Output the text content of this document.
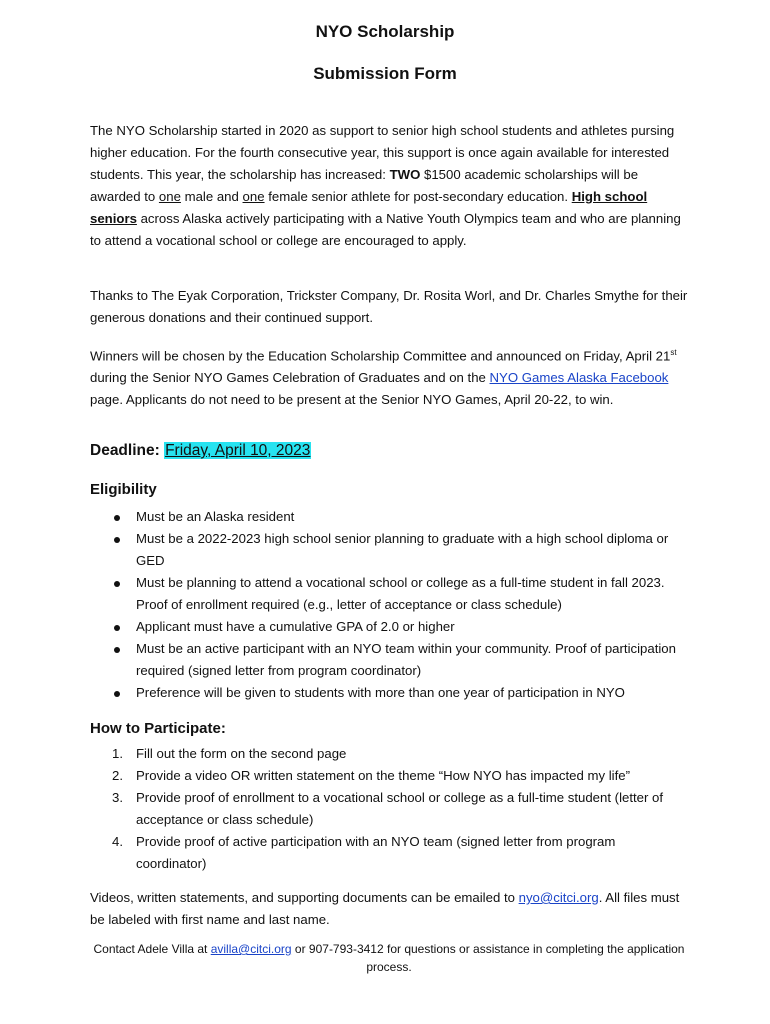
NYO Scholarship
Submission Form

The NYO Scholarship started in 2020 as support to senior high school students and athletes pursing higher education. For the fourth consecutive year, this support is once again available for interested students. This year, the scholarship has increased: TWO $1500 academic scholarships will be awarded to one male and one female senior athlete for post-secondary education. High school seniors across Alaska actively participating with a Native Youth Olympics team and who are planning to attend a vocational school or college are encouraged to apply.

Thanks to The Eyak Corporation, Trickster Company, Dr. Rosita Worl, and Dr. Charles Smythe for their generous donations and their continued support.

Winners will be chosen by the Education Scholarship Committee and announced on Friday, April 21st during the Senior NYO Games Celebration of Graduates and on the NYO Games Alaska Facebook page. Applicants do not need to be present at the Senior NYO Games, April 20-22, to win.

Deadline: Friday, April 10, 2023
Eligibility
Must be an Alaska resident
Must be a 2022-2023 high school senior planning to graduate with a high school diploma or GED
Must be planning to attend a vocational school or college as a full-time student in fall 2023. Proof of enrollment required (e.g., letter of acceptance or class schedule)
Applicant must have a cumulative GPA of 2.0 or higher
Must be an active participant with an NYO team within your community. Proof of participation required (signed letter from program coordinator)
Preference will be given to students with more than one year of participation in NYO
How to Participate:
1. Fill out the form on the second page
2. Provide a video OR written statement on the theme “How NYO has impacted my life”
3. Provide proof of enrollment to a vocational school or college as a full-time student (letter of acceptance or class schedule)
4. Provide proof of active participation with an NYO team (signed letter from program coordinator)

Videos, written statements, and supporting documents can be emailed to nyo@citci.org. All files must be labeled with first name and last name.

Contact Adele Villa at avilla@citci.org or 907-793-3412 for questions or assistance in completing the application process.
